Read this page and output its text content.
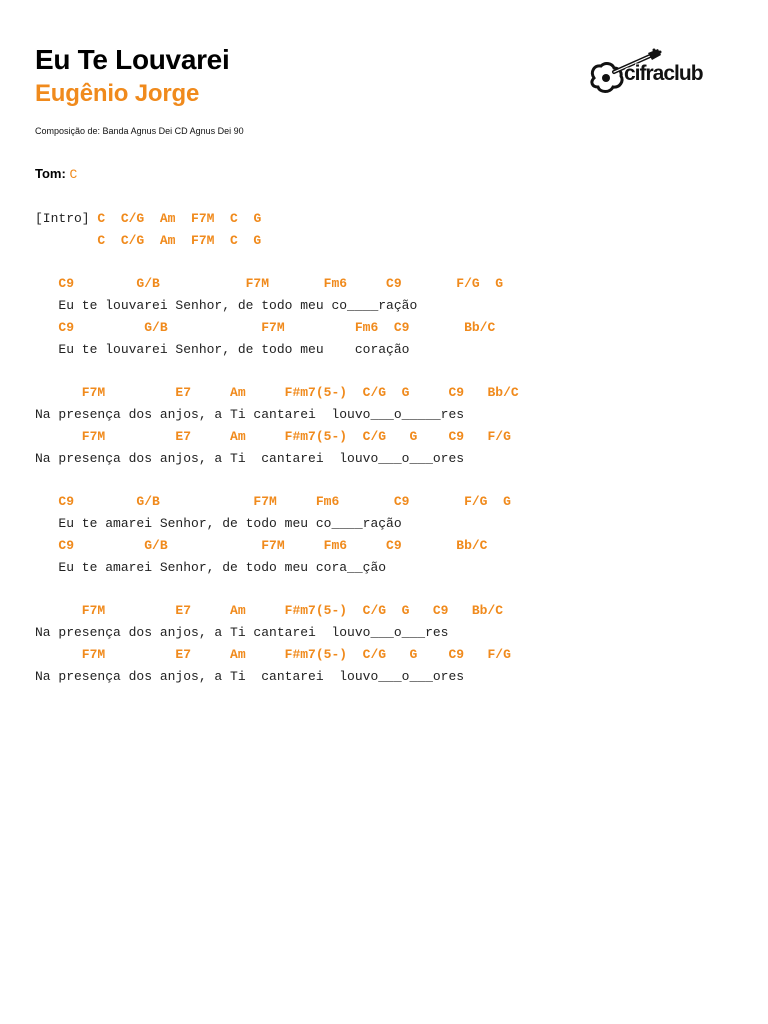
Eu Te Louvarei
Eugênio Jorge
Composição de: Banda Agnus Dei CD Agnus Dei 90
cifraclub
Tom: C
[Intro] C  C/G  Am  F7M  C  G
C  C/G  Am  F7M  C  G
C9        G/B           F7M       Fm6     C9       F/G  G
Eu te louvarei Senhor, de todo meu co____ração
C9         G/B            F7M         Fm6  C9       Bb/C
Eu te louvarei Senhor, de todo meu    coração
F7M         E7     Am     F#m7(5-)  C/G  G     C9   Bb/C
Na presença dos anjos, a Ti cantarei  louvo___o_____res
F7M         E7     Am     F#m7(5-)  C/G   G    C9   F/G
Na presença dos anjos, a Ti  cantarei  louvo___o___ores
C9        G/B            F7M     Fm6       C9       F/G  G
Eu te amarei Senhor, de todo meu co____ração
C9         G/B            F7M     Fm6     C9       Bb/C
Eu te amarei Senhor, de todo meu cora__ção
F7M         E7     Am     F#m7(5-)  C/G  G   C9   Bb/C
Na presença dos anjos, a Ti cantarei  louvo___o___res
F7M         E7     Am     F#m7(5-)  C/G   G    C9   F/G
Na presença dos anjos, a Ti  cantarei  louvo___o___ores
